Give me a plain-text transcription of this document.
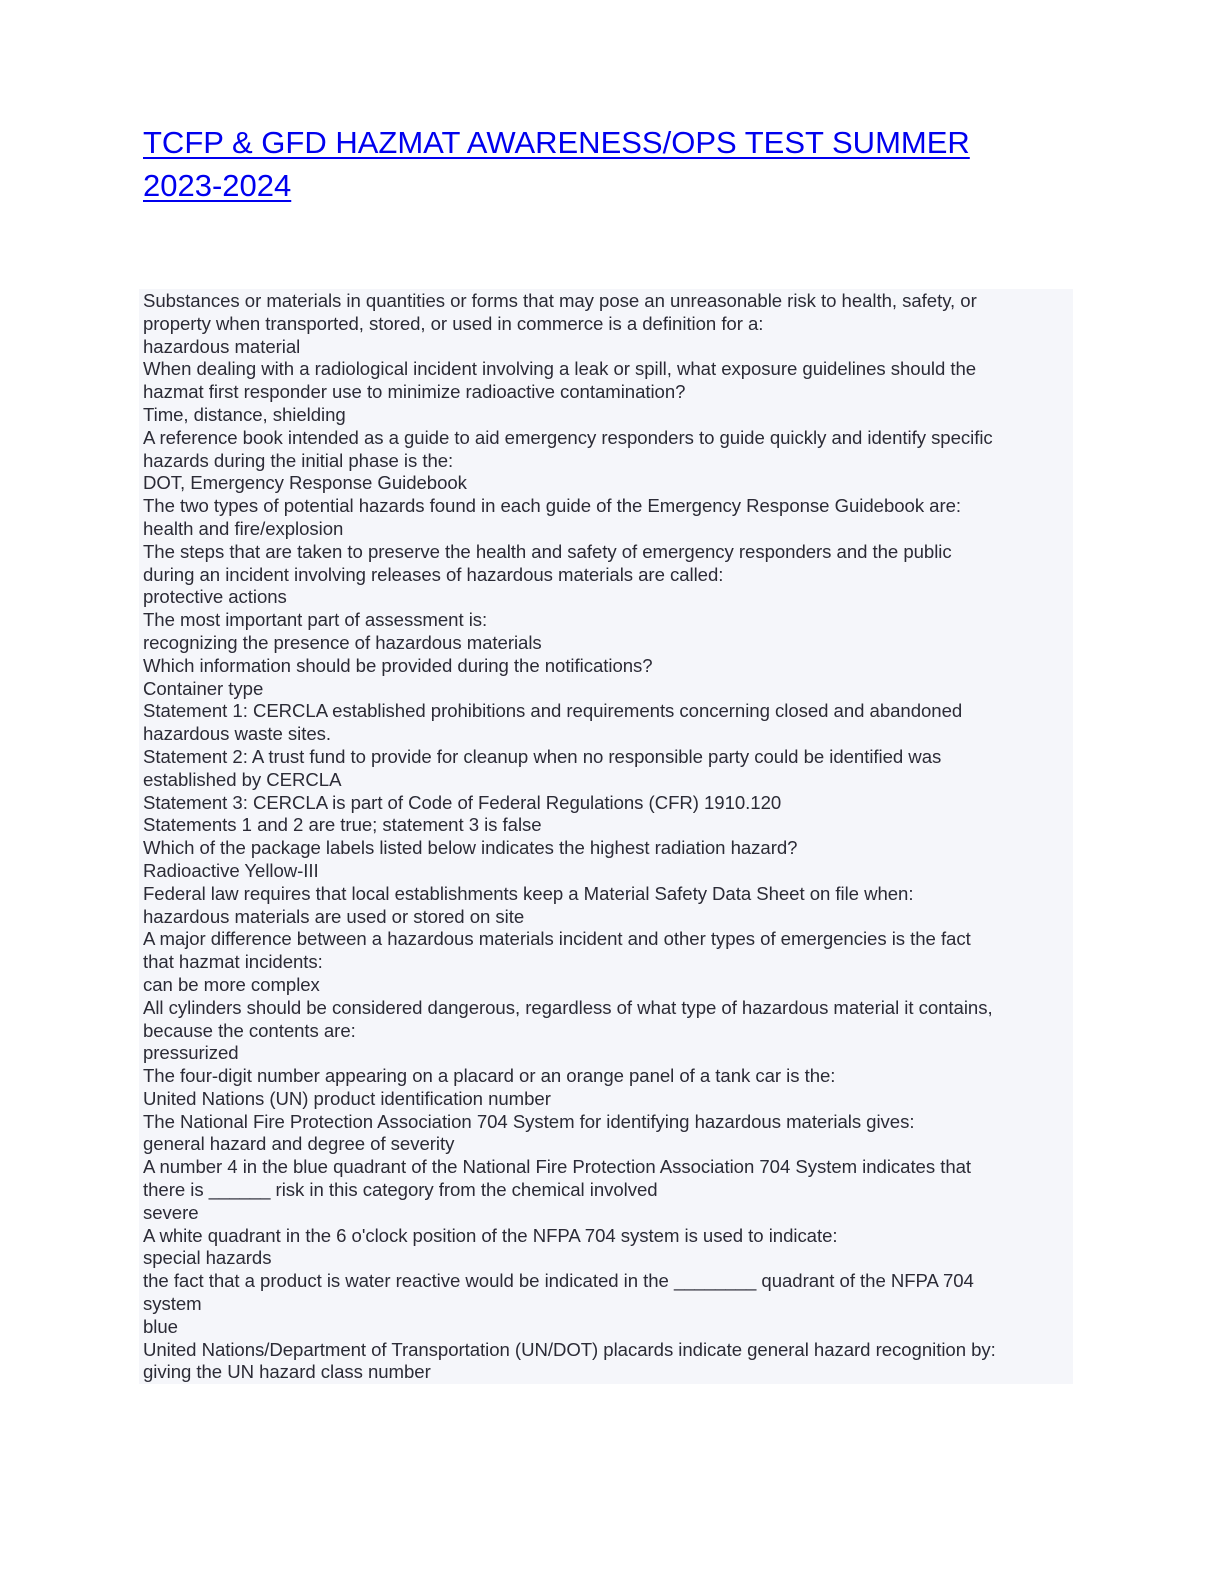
TCFP & GFD HAZMAT AWARENESS/OPS TEST SUMMER
2023-2024
Substances or materials in quantities or forms that may pose an unreasonable risk to health, safety, or
property when transported, stored, or used in commerce is a definition for a:
hazardous material
When dealing with a radiological incident involving a leak or spill, what exposure guidelines should the
hazmat first responder use to minimize radioactive contamination?
Time, distance, shielding
A reference book intended as a guide to aid emergency responders to guide quickly and identify specific
hazards during the initial phase is the:
DOT, Emergency Response Guidebook
The two types of potential hazards found in each guide of the Emergency Response Guidebook are:
health and fire/explosion
The steps that are taken to preserve the health and safety of emergency responders and the public
during an incident involving releases of hazardous materials are called:
protective actions
The most important part of assessment is:
recognizing the presence of hazardous materials
Which information should be provided during the notifications?
Container type
Statement 1: CERCLA established prohibitions and requirements concerning closed and abandoned
hazardous waste sites.
Statement 2: A trust fund to provide for cleanup when no responsible party could be identified was
established by CERCLA
Statement 3: CERCLA is part of Code of Federal Regulations (CFR) 1910.120
Statements 1 and 2 are true; statement 3 is false
Which of the package labels listed below indicates the highest radiation hazard?
Radioactive Yellow-III
Federal law requires that local establishments keep a Material Safety Data Sheet on file when:
hazardous materials are used or stored on site
A major difference between a hazardous materials incident and other types of emergencies is the fact
that hazmat incidents:
can be more complex
All cylinders should be considered dangerous, regardless of what type of hazardous material it contains,
because the contents are:
pressurized
The four-digit number appearing on a placard or an orange panel of a tank car is the:
United Nations (UN) product identification number
The National Fire Protection Association 704 System for identifying hazardous materials gives:
general hazard and degree of severity
A number 4 in the blue quadrant of the National Fire Protection Association 704 System indicates that
there is ______ risk in this category from the chemical involved
severe
A white quadrant in the 6 o'clock position of the NFPA 704 system is used to indicate:
special hazards
the fact that a product is water reactive would be indicated in the ________ quadrant of the NFPA 704
system
blue
United Nations/Department of Transportation (UN/DOT) placards indicate general hazard recognition by:
giving the UN hazard class number
